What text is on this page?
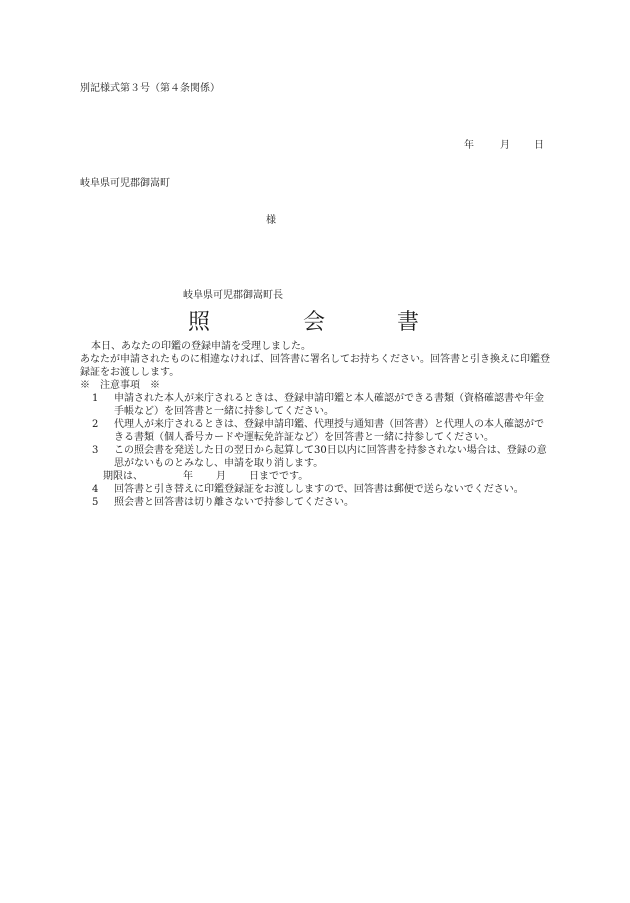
別記様式第３号（第４条関係）
年	月 日
岐阜県可児郡御嵩町
様
岐阜県可児郡御嵩町長
照	会	書

本日、あなたの印鑑の登録申請を受理しました。

あなたが申請されたものに相違なければ、回答書に署名してお持ちください。回答書と引き換えに印鑑登録証をお渡しします。

※　注意事項　※

1 申請された本人が来庁されるときは、登録申請印鑑と本人確認ができる書類（資格確認書や年金手帳など）を回答書と一緒に持参してください。
2 代理人が来庁されるときは、登録申請印鑑、代理授与通知書（回答書）と代理人の本人確認ができる書類（個人番号カードや運転免許証など）を回答書と一緒に持参してください。
3 この照会書を発送した日の翌日から起算して30日以内に回答書を持参されない場合は、登録の意思がないものとみなし、申請を取り消します。
期限は、	年 月 日までです。
4 回答書と引き替えに印鑑登録証をお渡ししますので、回答書は郵便で送らないでください。
5 照会書と回答書は切り離さないで持参してください。
